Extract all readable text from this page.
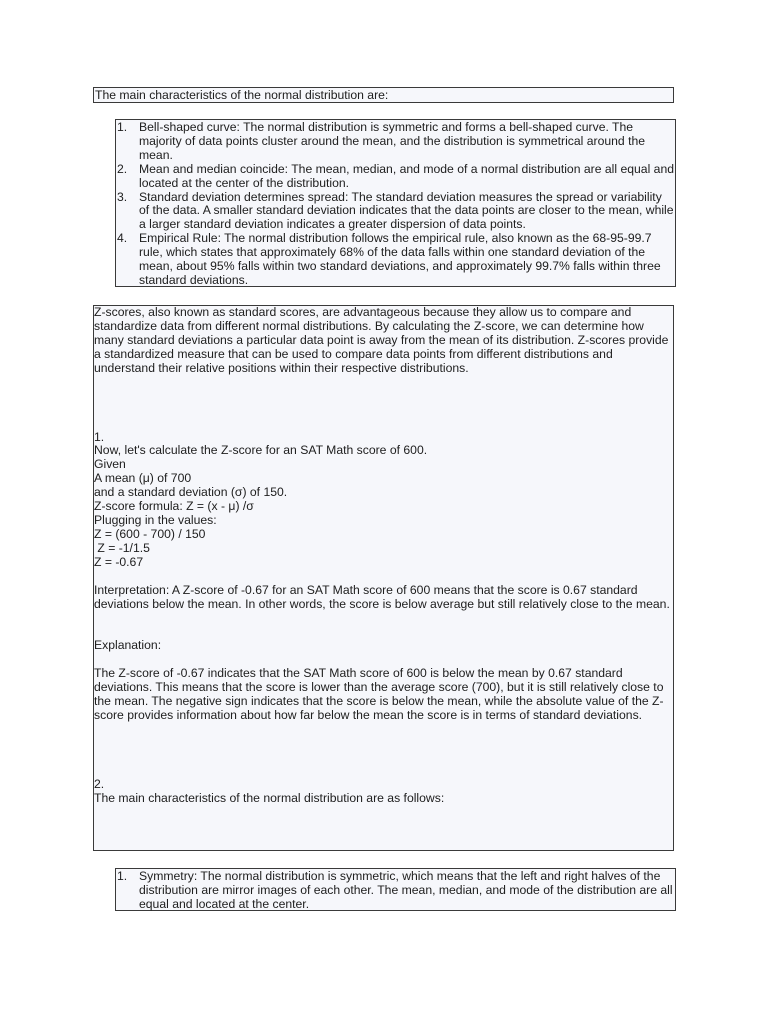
The main characteristics of the normal distribution are:

1. Bell-shaped curve: The normal distribution is symmetric and forms a bell-shaped curve. The majority of data points cluster around the mean, and the distribution is symmetrical around the mean.
2. Mean and median coincide: The mean, median, and mode of a normal distribution are all equal and located at the center of the distribution.
3. Standard deviation determines spread: The standard deviation measures the spread or variability of the data. A smaller standard deviation indicates that the data points are closer to the mean, while a larger standard deviation indicates a greater dispersion of data points.
4. Empirical Rule: The normal distribution follows the empirical rule, also known as the 68-95-99.7 rule, which states that approximately 68% of the data falls within one standard deviation of the mean, about 95% falls within two standard deviations, and approximately 99.7% falls within three standard deviations.

Z-scores, also known as standard scores, are advantageous because they allow us to compare and standardize data from different normal distributions. By calculating the Z-score, we can determine how many standard deviations a particular data point is away from the mean of its distribution. Z-scores provide a standardized measure that can be used to compare data points from different distributions and understand their relative positions within their respective distributions.

1.

Now, let's calculate the Z-score for an SAT Math score of 600.

Given

A mean (μ) of 700

and a standard deviation (σ) of 150.

Z-score formula: Z = (x - μ) /σ

Plugging in the values:

Z = (600 - 700) / 150

Z = -1/1.5

Z = -0.67

Interpretation: A Z-score of -0.67 for an SAT Math score of 600 means that the score is 0.67 standard deviations below the mean. In other words, the score is below average but still relatively close to the mean.

Explanation:

The Z-score of -0.67 indicates that the SAT Math score of 600 is below the mean by 0.67 standard deviations. This means that the score is lower than the average score (700), but it is still relatively close to the mean. The negative sign indicates that the score is below the mean, while the absolute value of the Z-score provides information about how far below the mean the score is in terms of standard deviations.

2.

The main characteristics of the normal distribution are as follows:

1. Symmetry: The normal distribution is symmetric, which means that the left and right halves of the distribution are mirror images of each other. The mean, median, and mode of the distribution are all equal and located at the center.
